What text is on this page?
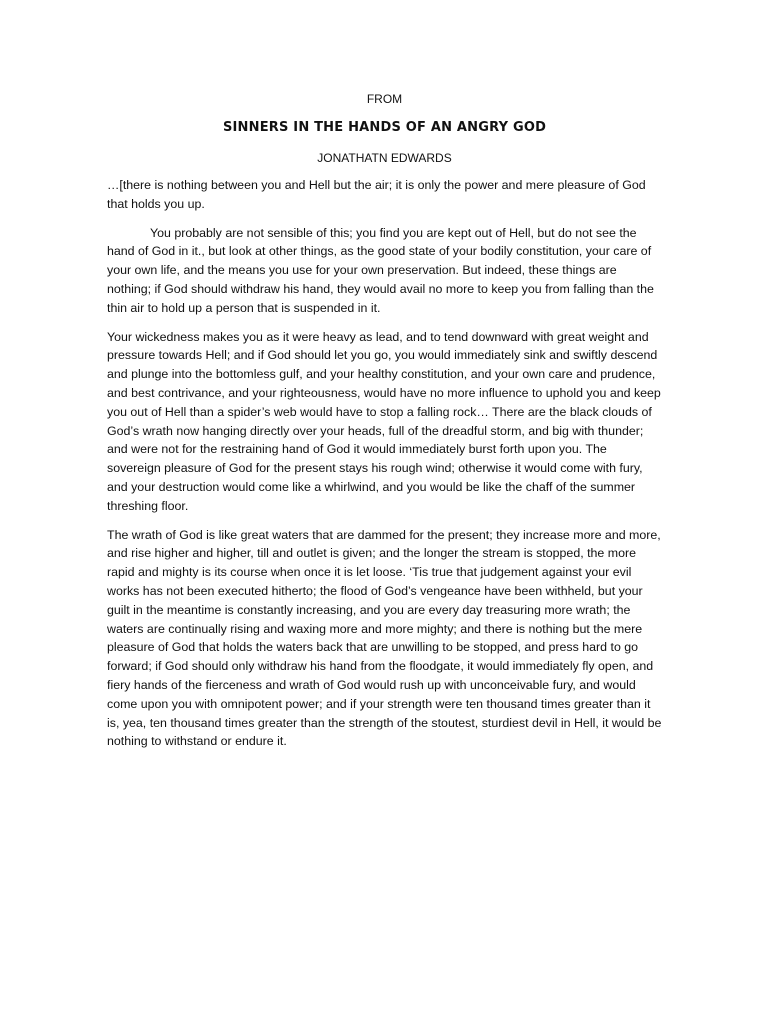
FROM
SINNERS IN THE HANDS OF AN ANGRY GOD
JONATHATN EDWARDS

…[there is nothing between you and Hell but the air; it is only the power and mere pleasure of God that holds you up.

You probably are not sensible of this; you find you are kept out of Hell, but do not see the hand of God in it., but look at other things, as the good state of your bodily constitution, your care of your own life, and the means you use for your own preservation. But indeed, these things are nothing; if God should withdraw his hand, they would avail no more to keep you from falling than the thin air to hold up a person that is suspended in it.

Your wickedness makes you as it were heavy as lead, and to tend downward with great weight and pressure towards Hell; and if God should let you go, you would immediately sink and swiftly descend and plunge into the bottomless gulf, and your healthy constitution, and your own care and prudence, and best contrivance, and your righteousness, would have no more influence to uphold you and keep you out of Hell than a spider’s web would have to stop a falling rock… There are the black clouds of God’s wrath now hanging directly over your heads, full of the dreadful storm, and big with thunder; and were not for the restraining hand of God it would immediately burst forth upon you. The sovereign pleasure of God for the present stays his rough wind; otherwise it would come with fury, and your destruction would come like a whirlwind, and you would be like the chaff of the summer threshing floor.

The wrath of God is like great waters that are dammed for the present; they increase more and more, and rise higher and higher, till and outlet is given; and the longer the stream is stopped, the more rapid and mighty is its course when once it is let loose. ‘Tis true that judgement against your evil works has not been executed hitherto; the flood of God’s vengeance have been withheld, but your guilt in the meantime is constantly increasing, and you are every day treasuring more wrath; the waters are continually rising and waxing more and more mighty; and there is nothing but the mere pleasure of God that holds the waters back that are unwilling to be stopped, and press hard to go forward; if God should only withdraw his hand from the floodgate, it would immediately fly open, and fiery hands of the fierceness and wrath of God would rush up with unconceivable fury, and would come upon you with omnipotent power; and if your strength were ten thousand times greater than it is, yea, ten thousand times greater than the strength of the stoutest, sturdiest devil in Hell, it would be nothing to withstand or endure it.
